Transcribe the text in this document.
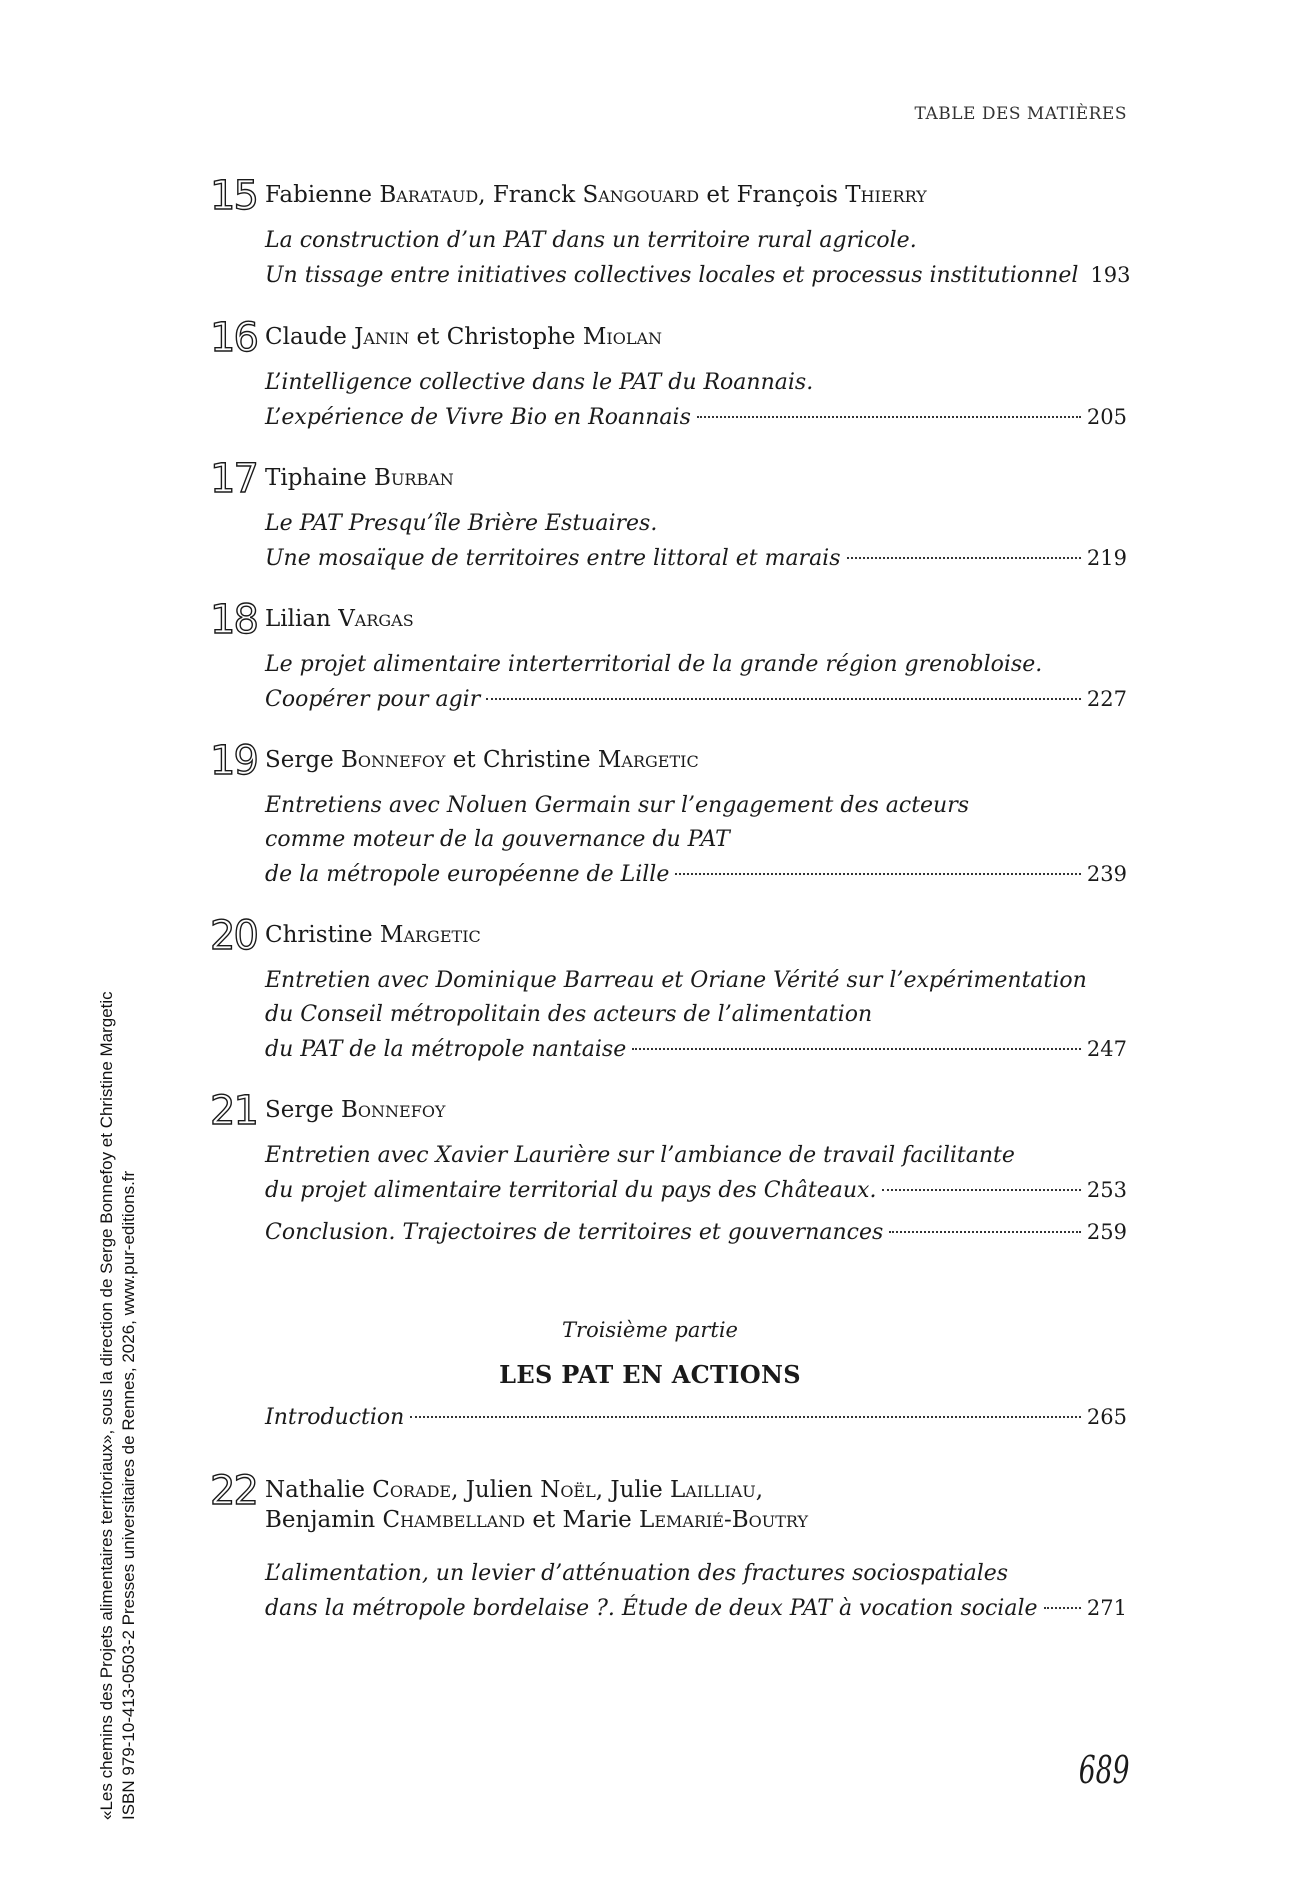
TABLE DES MATIÈRES
15 Fabienne Barataud, Franck Sangouard et François Thierry
La construction d’un PAT dans un territoire rural agricole.
Un tissage entre initiatives collectives locales et processus institutionnel 193
16 Claude Janin et Christophe Miolan
L’intelligence collective dans le PAT du Roannais.
L’expérience de Vivre Bio en Roannais	205
17 Tiphaine Burban
Le PAT Presqu’île Brière Estuaires.
Une mosaïque de territoires entre littoral et marais	219
18 Lilian Vargas
Le projet alimentaire interterritorial de la grande région grenobloise.
Coopérer pour agir	227
19 Serge Bonnefoy et Christine Margetic
Entretiens avec Noluen Germain sur l’engagement des acteurs
comme moteur de la gouvernance du PAT
de la métropole européenne de Lille	239
20 Christine Margetic
Entretien avec Dominique Barreau et Oriane Vérité sur l’expérimentation
du Conseil métropolitain des acteurs de l’alimentation
du PAT de la métropole nantaise	247
21 Serge Bonnefoy
Entretien avec Xavier Laurière sur l’ambiance de travail facilitante
du projet alimentaire territorial du pays des Châteaux.	253
Conclusion. Trajectoires de territoires et gouvernances	259
Introduction	265
22 Nathalie Corade, Julien Noël, Julie Lailliau,
Benjamin Chambelland et Marie Lemarié-Boutry
L’alimentation, un levier d’atténuation des fractures sociospatiales
dans la métropole bordelaise ?. Étude de deux PAT à vocation sociale 271
Troisième partie
LES PAT EN ACTIONS
689
«Les chemins des Projets alimentaires territoriaux», sous la direction de Serge Bonnefoy et Christine Margetic ISBN 979-10-413-0503-2 Presses universitaires de Rennes, 2026, www.pur-editions.fr
